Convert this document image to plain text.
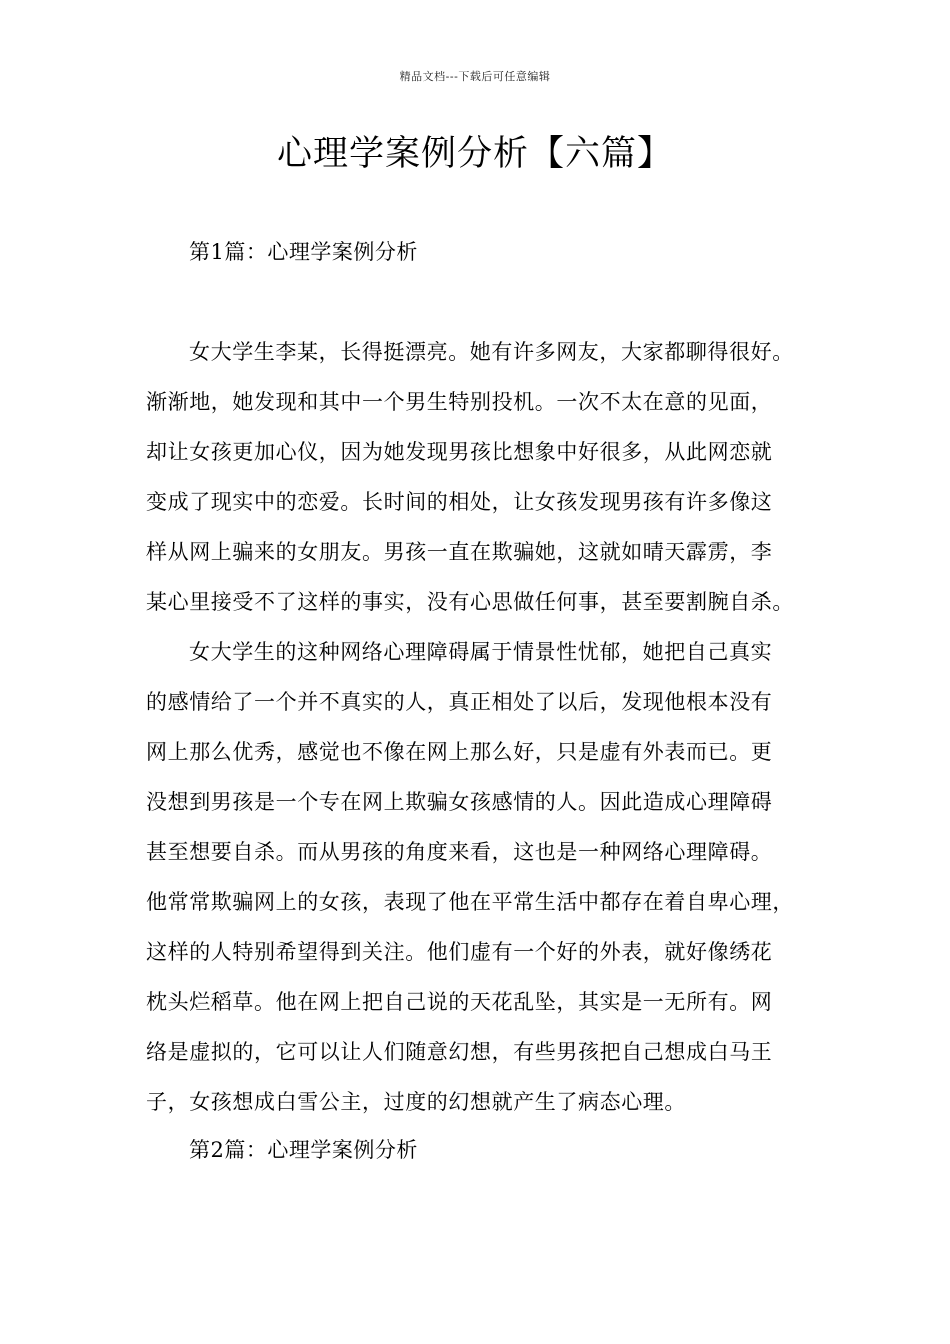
精品文档---下载后可任意编辑
心理学案例分析【六篇】
第1篇：心理学案例分析
女大学生李某，长得挺漂亮。她有许多网友，大家都聊得很好。
渐渐地，她发现和其中一个男生特别投机。一次不太在意的见面，
却让女孩更加心仪，因为她发现男孩比想象中好很多，从此网恋就
变成了现实中的恋爱。长时间的相处，让女孩发现男孩有许多像这
样从网上骗来的女朋友。男孩一直在欺骗她，这就如晴天霹雳，李
某心里接受不了这样的事实，没有心思做任何事，甚至要割腕自杀。
女大学生的这种网络心理障碍属于情景性忧郁，她把自己真实
的感情给了一个并不真实的人，真正相处了以后，发现他根本没有
网上那么优秀，感觉也不像在网上那么好，只是虚有外表而已。更
没想到男孩是一个专在网上欺骗女孩感情的人。因此造成心理障碍
甚至想要自杀。而从男孩的角度来看，这也是一种网络心理障碍。
他常常欺骗网上的女孩，表现了他在平常生活中都存在着自卑心理，
这样的人特别希望得到关注。他们虚有一个好的外表，就好像绣花
枕头烂稻草。他在网上把自己说的天花乱坠，其实是一无所有。网
络是虚拟的，它可以让人们随意幻想，有些男孩把自己想成白马王
子，女孩想成白雪公主，过度的幻想就产生了病态心理。
第2篇：心理学案例分析
